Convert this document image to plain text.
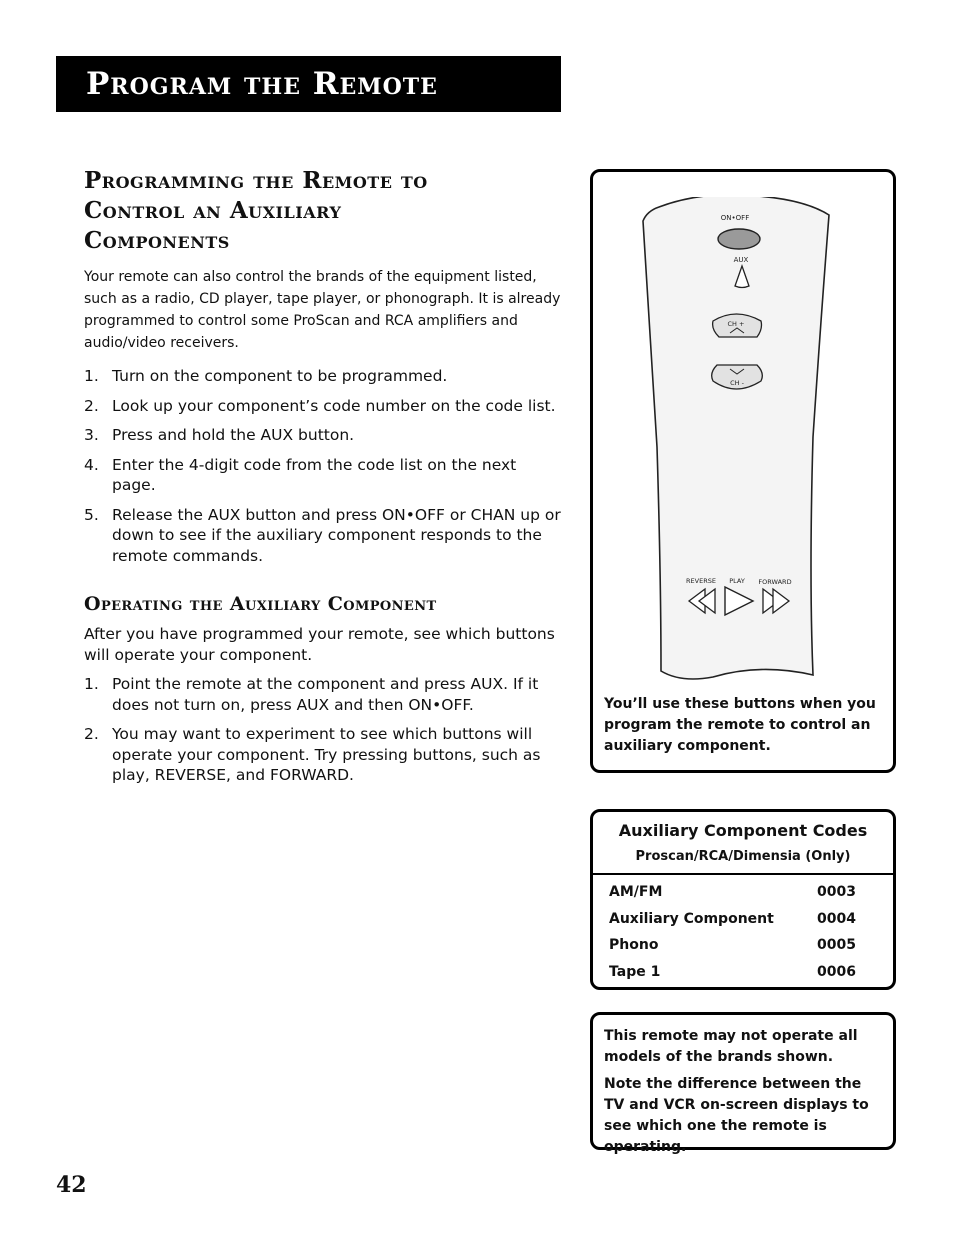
Program the Remote
Programming the Remote to
Control an Auxiliary
Components

Your remote can also control the brands of the equipment listed, such as a radio, CD player, tape player, or phonograph. It is already programmed to control some ProScan and RCA amplifiers and audio/video receivers.

1. Turn on the component to be programmed.
2. Look up your component’s code number on the code list.
3. Press and hold the AUX button.
4. Enter the 4-digit code from the code list on the next page.
5. Release the AUX button and press ON•OFF or CHAN up or down to see if the auxiliary component responds to the remote commands.
Operating the Auxiliary Component

After you have programmed your remote, see which buttons will operate your component.

1. Point the remote at the component and press AUX. If it does not turn on, press AUX and then ON•OFF.
2. You may want to experiment to see which buttons will operate your component. Try pressing buttons, such as play, REVERSE, and FORWARD.
ON•OFF
AUX
CH +
CH -
REVERSE PLAY FORWARD

You’ll use these buttons when you program the remote to control an auxiliary component.

Auxiliary Component Codes
Proscan/RCA/Dimensia (Only)
AM/FM	0003
Auxiliary Component	0004
Phono	0005
Tape 1	0006

This remote may not operate all models of the brands shown.

Note the difference between the TV and VCR on-screen displays to see which one the remote is operating.

42
